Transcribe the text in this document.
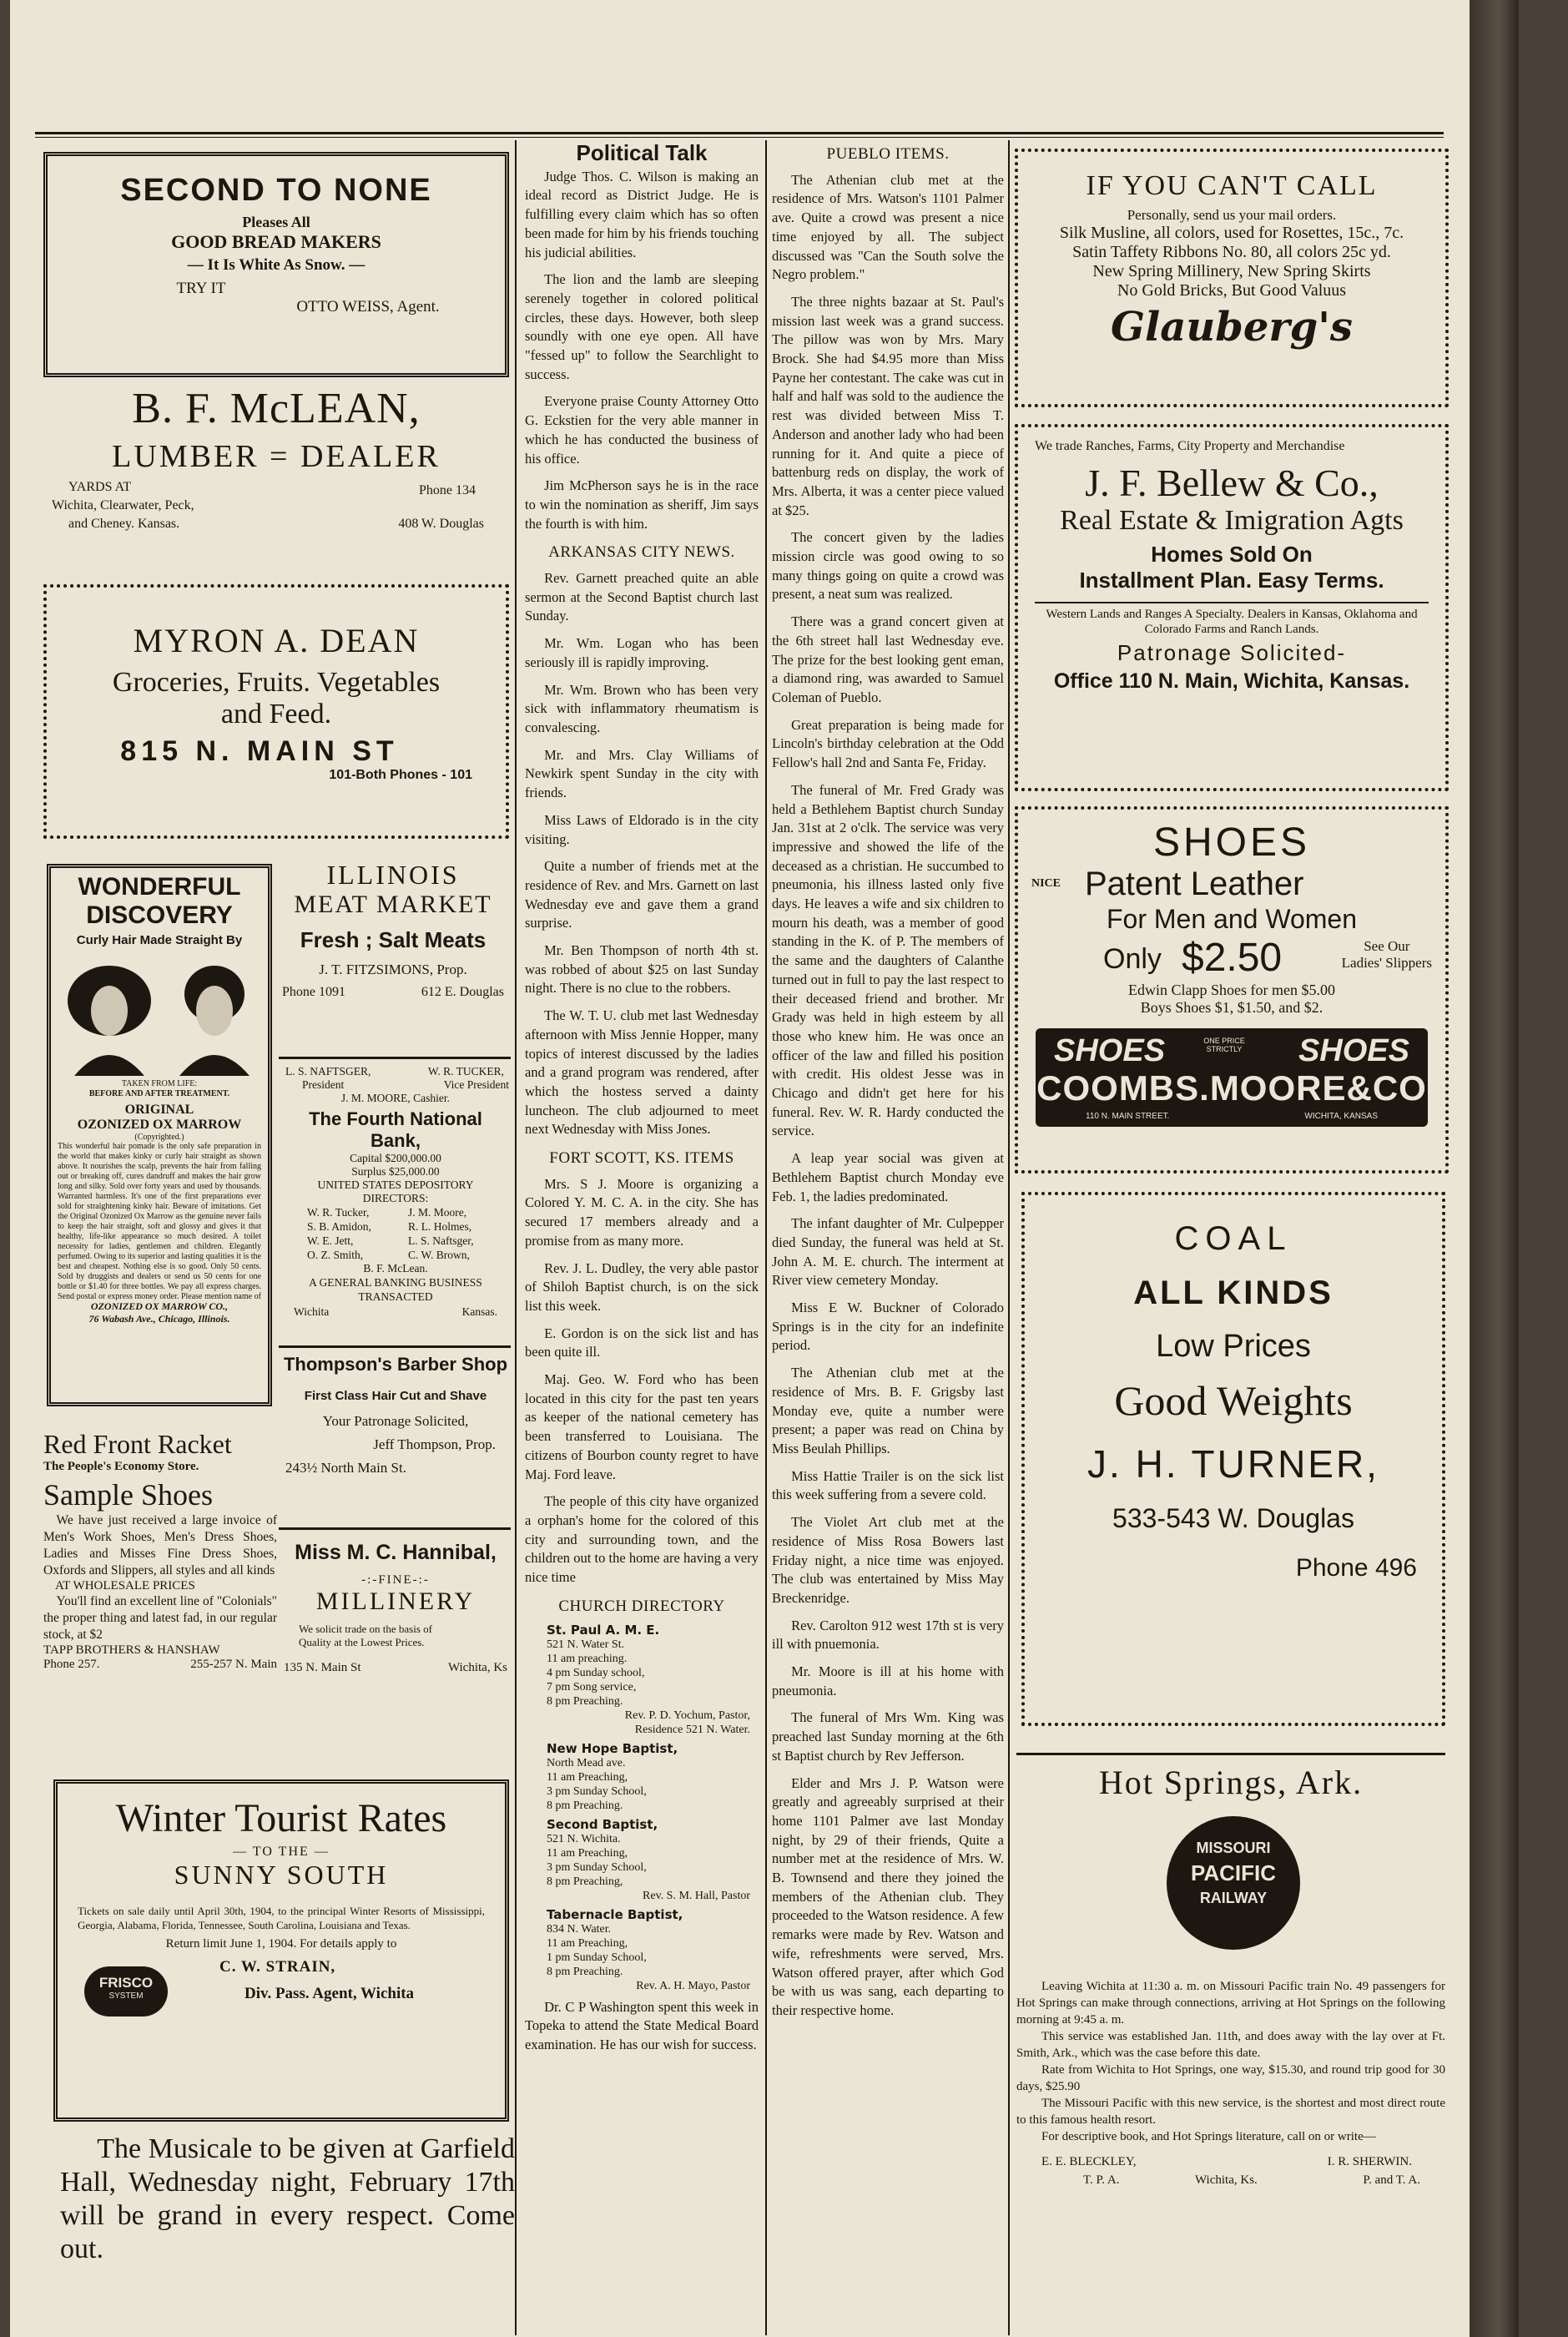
SECOND TO NONE
Pleases All
GOOD BREAD MAKERS
— It Is White As Snow. —
TRY IT
OTTO WEISS, Agent.
B. F. McLEAN,
LUMBER = DEALER
YARDS AT
Wichita, Clearwater, Peck,
and Cheney. Kansas.
Phone 134
408 W. Douglas
MYRON A. DEAN
Groceries, Fruits. Vegetables
and Feed.
815 N. MAIN ST
101-Both Phones - 101
WONDERFUL
DISCOVERY
Curly Hair Made Straight By
TAKEN FROM LIFE:
BEFORE AND AFTER TREATMENT.
ORIGINAL
OZONIZED OX MARROW
(Copyrighted.)
This wonderful hair pomade is the only safe preparation in the world that makes kinky or curly hair straight as shown above. It nourishes the scalp, prevents the hair from falling out or breaking off, cures dandruff and makes the hair grow long and silky. Sold over forty years and used by thousands. Warranted harmless. It's one of the first preparations ever sold for straightening kinky hair. Beware of imitations. Get the Original Ozonized Ox Marrow as the genuine never fails to keep the hair straight, soft and glossy and gives it that healthy, life-like appearance so much desired. A toilet necessity for ladies, gentlemen and children. Elegantly perfumed. Owing to its superior and lasting qualities it is the best and cheapest. Nothing else is so good. Only 50 cents. Sold by druggists and dealers or send us 50 cents for one bottle or $1.40 for three bottles. We pay all express charges. Send postal or express money order. Please mention name of
OZONIZED OX MARROW CO.,
76 Wabash Ave., Chicago, Illinois.
Red Front Racket
The People's Economy Store.
Sample Shoes
We have just received a large invoice of Men's Work Shoes, Men's Dress Shoes, Ladies and Misses Fine Dress Shoes, Oxfords and Slippers, all styles and all kinds
AT WHOLESALE PRICES
You'll find an excellent line of "Colonials" the proper thing and latest fad, in our regular stock, at $2
TAPP BROTHERS & HANSHAW
Phone 257.	255-257 N. Main
Winter Tourist Rates
— TO THE —
SUNNY SOUTH
Tickets on sale daily until April 30th, 1904, to the principal Winter Resorts of Mississippi, Georgia, Alabama, Florida, Tennessee, South Carolina, Louisiana and Texas.
Return limit June 1, 1904. For details apply to
FRISCO
SYSTEM
C. W. STRAIN,
Div. Pass. Agent, Wichita
The Musicale to be given at Garfield Hall, Wednesday night, February 17th will be grand in every respect. Come out.
ILLINOIS
MEAT MARKET
Fresh ; Salt Meats
J. T. FITZSIMONS, Prop.
Phone 1091	612 E. Douglas
L. S. NAFTSGER,
President
W. R. TUCKER,
Vice President
J. M. MOORE, Cashier.
The Fourth National Bank,
Capital $200,000.00
Surplus $25,000.00
UNITED STATES DEPOSITORY
DIRECTORS:
W. R. Tucker,	J. M. Moore,
S. B. Amidon,	R. L. Holmes,
W. E. Jett,	L. S. Naftsger,
O. Z. Smith,	C. W. Brown,
B. F. McLean.
A GENERAL BANKING BUSINESS TRANSACTED
Wichita	Kansas.
Thompson's Barber Shop
First Class Hair Cut and Shave
Your Patronage Solicited,
Jeff Thompson, Prop.
243½ North Main St.
Miss M. C. Hannibal,
-:-FINE-:-
MILLINERY
We solicit trade on the basis of
Quality at the Lowest Prices.
135 N. Main St	Wichita, Ks
Political Talk

Judge Thos. C. Wilson is making an ideal record as District Judge. He is fulfilling every claim which has so often been made for him by his friends touching his judicial abilities.

The lion and the lamb are sleeping serenely together in colored political circles, these days. However, both sleep soundly with one eye open. All have "fessed up" to follow the Searchlight to success.

Everyone praise County Attorney Otto G. Eckstien for the very able manner in which he has conducted the business of his office.

Jim McPherson says he is in the race to win the nomination as sheriff, Jim says the fourth is with him.

ARKANSAS CITY NEWS.

Rev. Garnett preached quite an able sermon at the Second Baptist church last Sunday.

Mr. Wm. Logan who has been seriously ill is rapidly improving.

Mr. Wm. Brown who has been very sick with inflammatory rheumatism is convalescing.

Mr. and Mrs. Clay Williams of Newkirk spent Sunday in the city with friends.

Miss Laws of Eldorado is in the city visiting.

Quite a number of friends met at the residence of Rev. and Mrs. Garnett on last Wednesday eve and gave them a grand surprise.

Mr. Ben Thompson of north 4th st. was robbed of about $25 on last Sunday night. There is no clue to the robbers.

The W. T. U. club met last Wednesday afternoon with Miss Jennie Hopper, many topics of interest discussed by the ladies and a grand program was rendered, after which the hostess served a dainty luncheon. The club adjourned to meet next Wednesday with Miss Jones.

FORT SCOTT, KS. ITEMS

Mrs. S J. Moore is organizing a Colored Y. M. C. A. in the city. She has secured 17 members already and a promise from as many more.

Rev. J. L. Dudley, the very able pastor of Shiloh Baptist church, is on the sick list this week.

E. Gordon is on the sick list and has been quite ill.

Maj. Geo. W. Ford who has been located in this city for the past ten years as keeper of the national cemetery has been transferred to Louisiana. The citizens of Bourbon county regret to have Maj. Ford leave.

The people of this city have organized a orphan's home for the colored of this city and surrounding town, and the children out to the home are having a very nice time

CHURCH DIRECTORY
St. Paul A. M. E.
521 N. Water St.
11 am preaching.
4 pm Sunday school,
7 pm Song service,
8 pm Preaching.
Rev. P. D. Yochum, Pastor,
Residence 521 N. Water.
New Hope Baptist,
North Mead ave.
11 am Preaching,
3 pm Sunday School,
8 pm Preaching.
Second Baptist,
521 N. Wichita.
11 am Preaching,
3 pm Sunday School,
8 pm Preaching,
Rev. S. M. Hall, Pastor
Tabernacle Baptist,
834 N. Water.
11 am Preaching,
1 pm Sunday School,
8 pm Preaching.
Rev. A. H. Mayo, Pastor

Dr. C P Washington spent this week in Topeka to attend the State Medical Board examination. He has our wish for success.

PUEBLO ITEMS.

The Athenian club met at the residence of Mrs. Watson's 1101 Palmer ave. Quite a crowd was present a nice time enjoyed by all. The subject discussed was "Can the South solve the Negro problem."

The three nights bazaar at St. Paul's mission last week was a grand success. The pillow was won by Mrs. Mary Brock. She had $4.95 more than Miss Payne her contestant. The cake was cut in half and half was sold to the audience the rest was divided between Miss T. Anderson and another lady who had been running for it. And quite a piece of battenburg reds on display, the work of Mrs. Alberta, it was a center piece valued at $25.

The concert given by the ladies mission circle was good owing to so many things going on quite a crowd was present, a neat sum was realized.

There was a grand concert given at the 6th street hall last Wednesday eve. The prize for the best looking gent eman, a diamond ring, was awarded to Samuel Coleman of Pueblo.

Great preparation is being made for Lincoln's birthday celebration at the Odd Fellow's hall 2nd and Santa Fe, Friday.

The funeral of Mr. Fred Grady was held a Bethlehem Baptist church Sunday Jan. 31st at 2 o'clk. The service was very impressive and showed the life of the deceased as a christian. He succumbed to pneumonia, his illness lasted only five days. He leaves a wife and six children to mourn his death, was a member of good standing in the K. of P. The members of the same and the daughters of Calanthe turned out in full to pay the last respect to their deceased friend and brother. Mr Grady was held in high esteem by all those who knew him. He was once an officer of the law and filled his position with credit. His oldest Jesse was in Chicago and didn't get here for his funeral. Rev. W. R. Hardy conducted the service.

A leap year social was given at Bethlehem Baptist church Monday eve Feb. 1, the ladies predominated.

The infant daughter of Mr. Culpepper died Sunday, the funeral was held at St. John A. M. E. church. The interment at River view cemetery Monday.

Miss E W. Buckner of Colorado Springs is in the city for an indefinite period.

The Athenian club met at the residence of Mrs. B. F. Grigsby last Monday eve, quite a number were present; a paper was read on China by Miss Beulah Phillips.

Miss Hattie Trailer is on the sick list this week suffering from a severe cold.

The Violet Art club met at the residence of Miss Rosa Bowers last Friday night, a nice time was enjoyed. The club was entertained by Miss May Breckenridge.

Rev. Carolton 912 west 17th st is very ill with pnuemonia.

Mr. Moore is ill at his home with pneumonia.

The funeral of Mrs Wm. King was preached last Sunday morning at the 6th st Baptist church by Rev Jefferson.

Elder and Mrs J. P. Watson were greatly and agreeably surprised at their home 1101 Palmer ave last Monday night, by 29 of their friends, Quite a number met at the residence of Mrs. W. B. Townsend and there they joined the members of the Athenian club. They proceeded to the Watson residence. A few remarks were made by Rev. Watson and wife, refreshments were served, Mrs. Watson offered prayer, after which God be with us was sang, each departing to their respective home.

IF YOU CAN'T CALL
Personally, send us your mail orders.
Silk Musline, all colors, used for Rosettes, 15c., 7c.
Satin Taffety Ribbons No. 80, all colors 25c yd.
New Spring Millinery, New Spring Skirts
No Gold Bricks, But Good Valuus
Glauberg's
We trade Ranches, Farms, City Property and Merchandise
J. F. Bellew & Co.,
Real Estate & Imigration Agts
Homes Sold On
Installment Plan. Easy Terms.
Western Lands and Ranges A Specialty. Dealers in Kansas, Oklahoma and Colorado Farms and Ranch Lands.
Patronage Solicited-
Office 110 N. Main, Wichita, Kansas.
SHOES
NICE Patent Leather
For Men and Women
Only $2.50	See Our
Ladies' Slippers
Edwin Clapp Shoes for men $5.00
Boys Shoes $1, $1.50, and $2.
SHOES	ONE PRICE STRICTLY SHOES
COOMBS.MOORE&CO
110 N. MAIN STREET.	WICHITA, KANSAS
COAL
ALL KINDS
Low Prices
Good Weights
J. H. TURNER,
533-543 W. Douglas
Phone 496
Hot Springs, Ark.
MISSOURI
PACIFIC
RAILWAY
Leaving Wichita at 11:30 a. m. on Missouri Pacific train No. 49 passengers for Hot Springs can make through connections, arriving at Hot Springs on the following morning at 9:45 a. m.
This service was established Jan. 11th, and does away with the lay over at Ft. Smith, Ark., which was the case before this date.
Rate from Wichita to Hot Springs, one way, $15.30, and round trip good for 30 days, $25.90
The Missouri Pacific with this new service, is the shortest and most direct route to this famous health resort.
For descriptive book, and Hot Springs literature, call on or write—
E. E. BLECKLEY,
T. P. A.	Wichita, Ks.
I. R. SHERWIN.
P. and T. A.
